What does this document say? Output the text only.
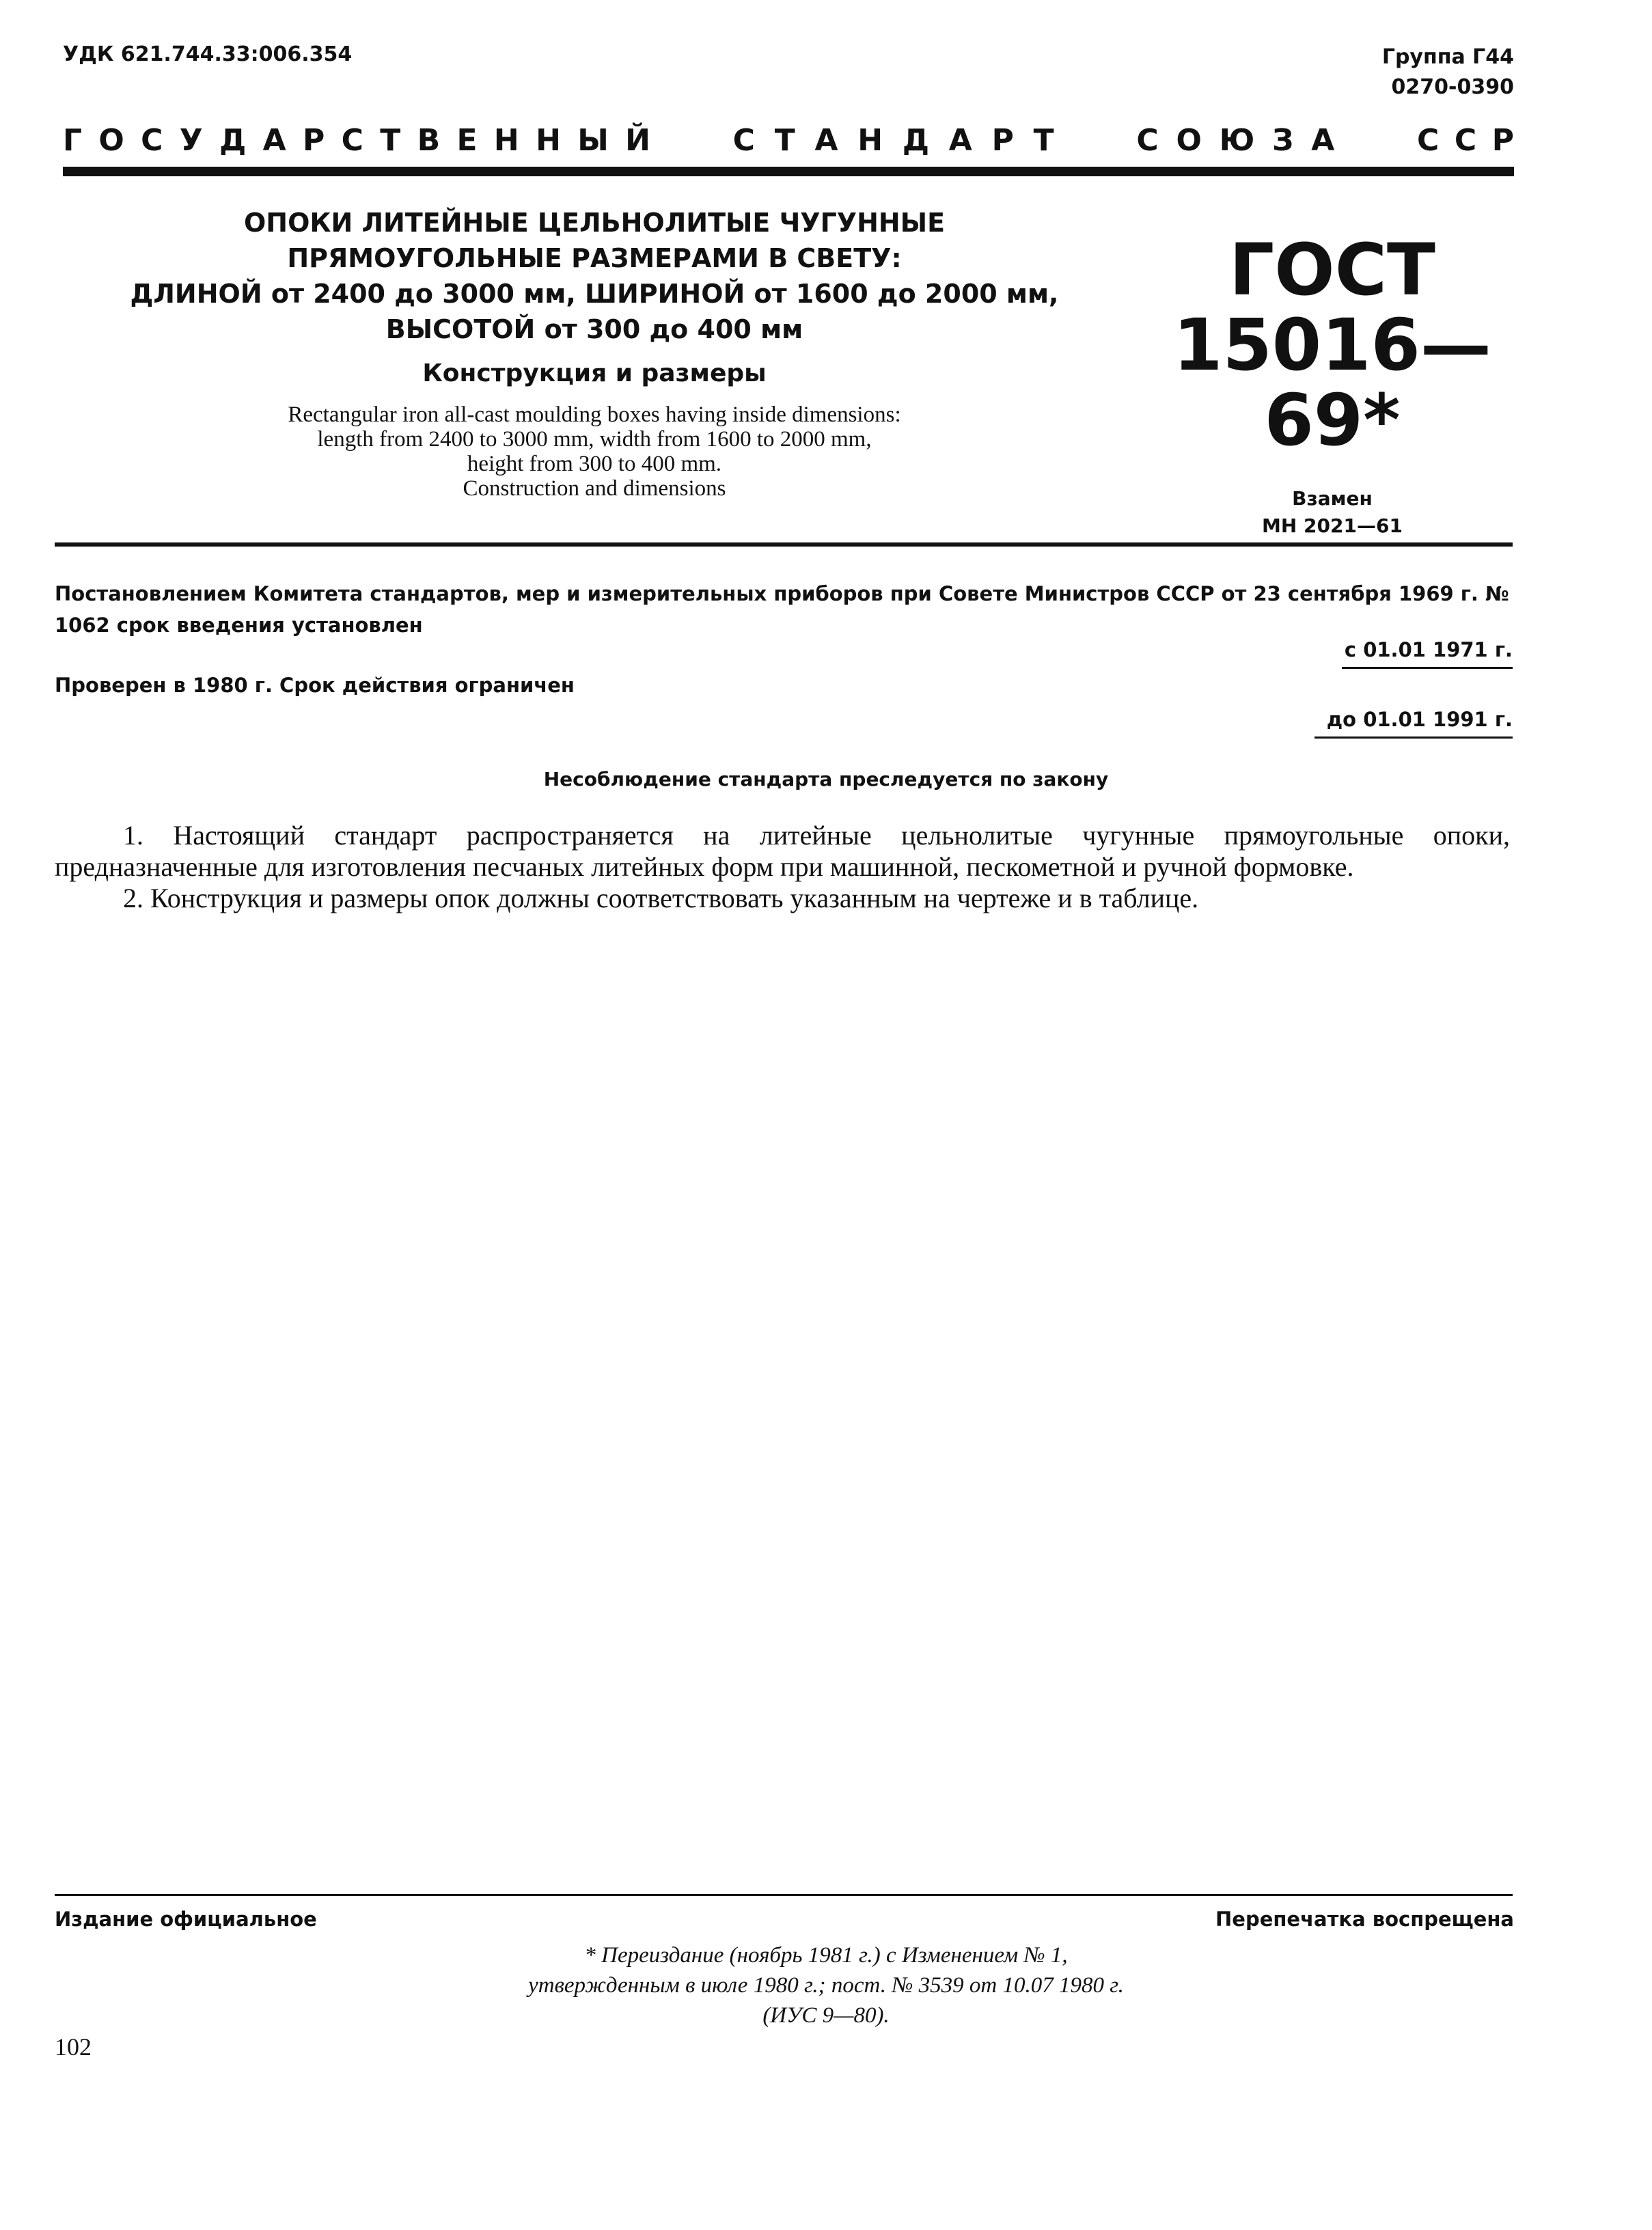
УДК 621.744.33:006.354	Группа Г44
0270-0390
Г О С У Д А Р С Т В Е Н Н Ы Й	С Т А Н Д А Р Т	С О Ю З А	С С Р
ОПОКИ ЛИТЕЙНЫЕ ЦЕЛЬНОЛИТЫЕ ЧУГУННЫЕ
ПРЯМОУГОЛЬНЫЕ РАЗМЕРАМИ В СВЕТУ:
ДЛИНОЙ от 2400 до 3000 мм, ШИРИНОЙ от 1600 до 2000 мм,
ВЫСОТОЙ от 300 до 400 мм
Конструкция и размеры
Rectangular iron all-cast moulding boxes having inside dimensions:
length from 2400 to 3000 mm, width from 1600 to 2000 mm,
height from 300 to 400 mm.
Construction and dimensions
ГОСТ
15016—69*
Взамен
МН 2021—61
Постановлением Комитета стандартов, мер и измерительных приборов при Совете Министров СССР от 23 сентября 1969 г. № 1062 срок введения установлен
с 01.01 1971 г.
Проверен в 1980 г. Срок действия ограничен
до 01.01 1991 г.
Несоблюдение стандарта преследуется по закону

1. Настоящий стандарт распространяется на литейные цельнолитые чугунные прямоугольные опоки, предназначенные для изготовления песчаных литейных форм при машинной, пескометной и ручной формовке.

2. Конструкция и размеры опок должны соответствовать указанным на чертеже и в таблице.

Издание официальное	Перепечатка воспрещена
* Переиздание (ноябрь 1981 г.) с Изменением № 1,
утвержденным в июле 1980 г.; пост. № 3539 от 10.07 1980 г.
(ИУС 9—80).
102
